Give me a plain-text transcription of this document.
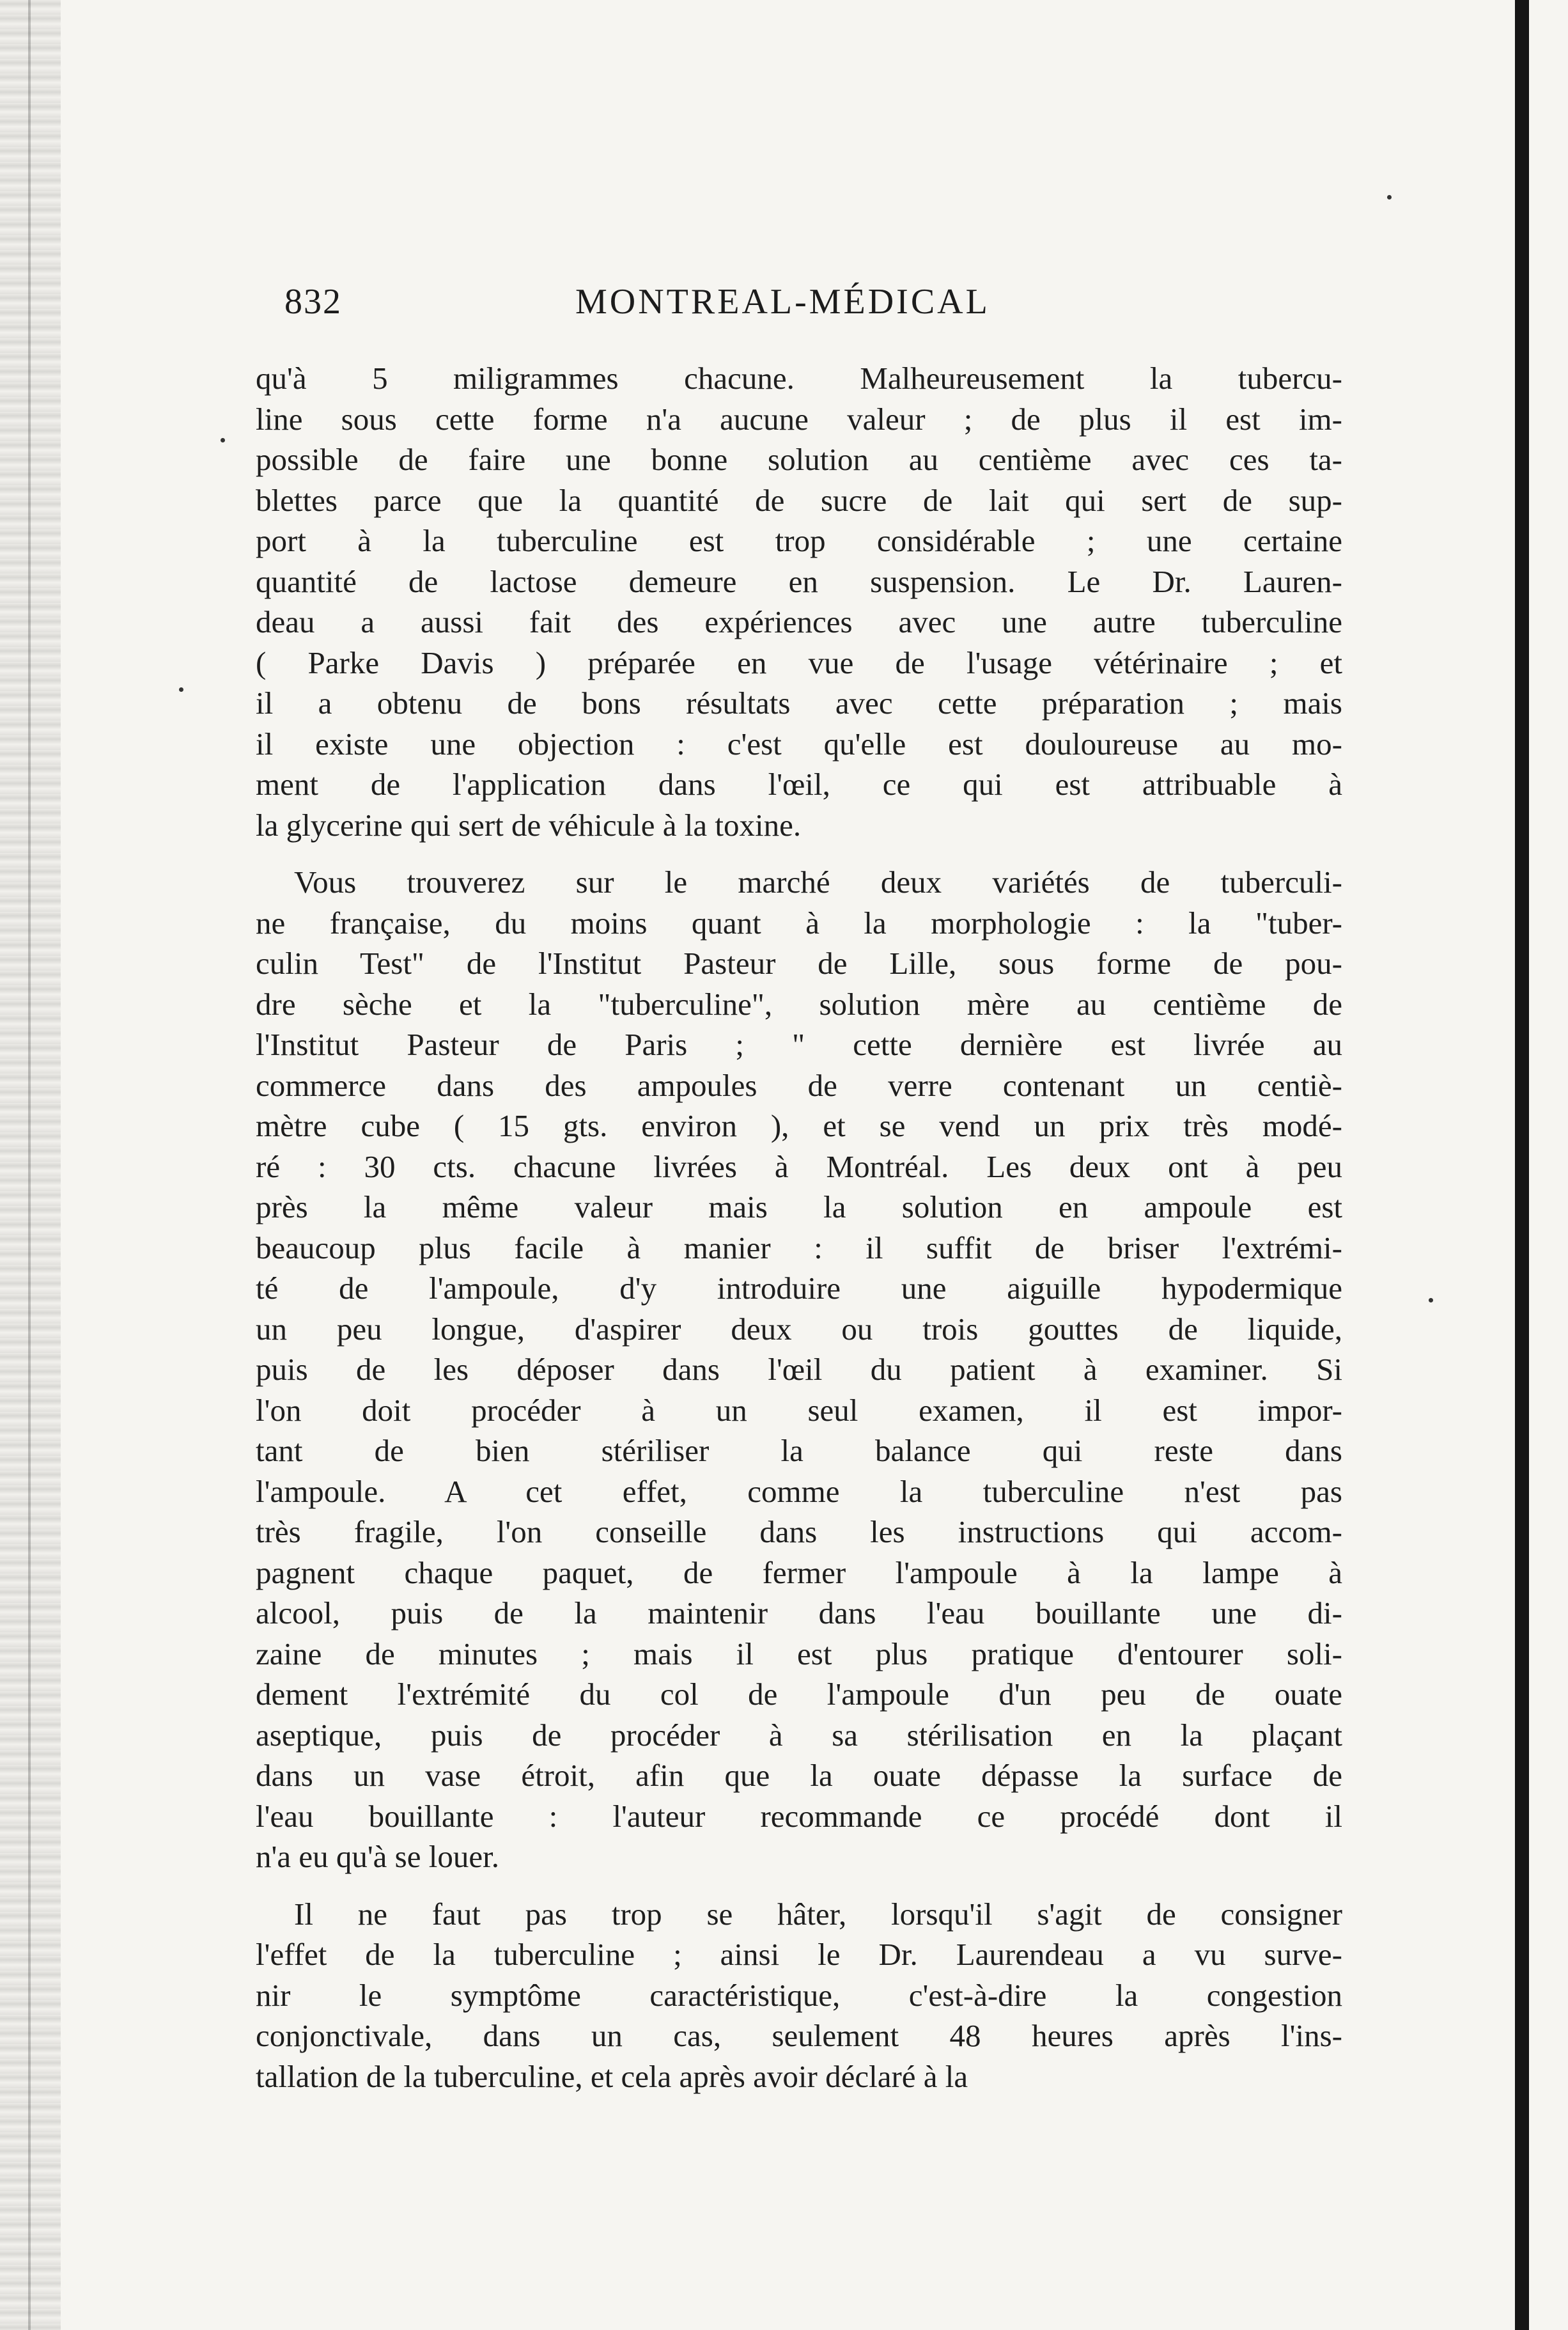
832	MONTREAL-MÉDICAL
qu'à 5 miligrammes chacune. Malheureusement la tubercu-
line sous cette forme n'a aucune valeur ; de plus il est im-
possible de faire une bonne solution au centième avec ces ta-
blettes parce que la quantité de sucre de lait qui sert de sup-
port à la tuberculine est trop considérable ; une certaine
quantité de lactose demeure en suspension. Le Dr. Lauren-
deau a aussi fait des expériences avec une autre tuberculine
( Parke Davis ) préparée en vue de l'usage vétérinaire ; et
il a obtenu de bons résultats avec cette préparation ; mais
il existe une objection : c'est qu'elle est douloureuse au mo-
ment de l'application dans l'œil, ce qui est attribuable à
la glycerine qui sert de véhicule à la toxine.
Vous trouverez sur le marché deux variétés de tuberculi-
ne française, du moins quant à la morphologie : la "tuber-
culin Test" de l'Institut Pasteur de Lille, sous forme de pou-
dre sèche et la "tuberculine", solution mère au centième de
l'Institut Pasteur de Paris ; " cette dernière est livrée au
commerce dans des ampoules de verre contenant un centiè-
mètre cube ( 15 gts. environ ), et se vend un prix très modé-
ré : 30 cts. chacune livrées à Montréal. Les deux ont à peu
près la même valeur mais la solution en ampoule est
beaucoup plus facile à manier : il suffit de briser l'extrémi-
té de l'ampoule, d'y introduire une aiguille hypodermique
un peu longue, d'aspirer deux ou trois gouttes de liquide,
puis de les déposer dans l'œil du patient à examiner. Si
l'on doit procéder à un seul examen, il est impor-
tant de bien stériliser la balance qui reste dans
l'ampoule. A cet effet, comme la tuberculine n'est pas
très fragile, l'on conseille dans les instructions qui accom-
pagnent chaque paquet, de fermer l'ampoule à la lampe à
alcool, puis de la maintenir dans l'eau bouillante une di-
zaine de minutes ; mais il est plus pratique d'entourer soli-
dement l'extrémité du col de l'ampoule d'un peu de ouate
aseptique, puis de procéder à sa stérilisation en la plaçant
dans un vase étroit, afin que la ouate dépasse la surface de
l'eau bouillante : l'auteur recommande ce procédé dont il
n'a eu qu'à se louer.
Il ne faut pas trop se hâter, lorsqu'il s'agit de consigner
l'effet de la tuberculine ; ainsi le Dr. Laurendeau a vu surve-
nir le symptôme caractéristique, c'est-à-dire la congestion
conjonctivale, dans un cas, seulement 48 heures après l'ins-
tallation de la tuberculine, et cela après avoir déclaré à la
